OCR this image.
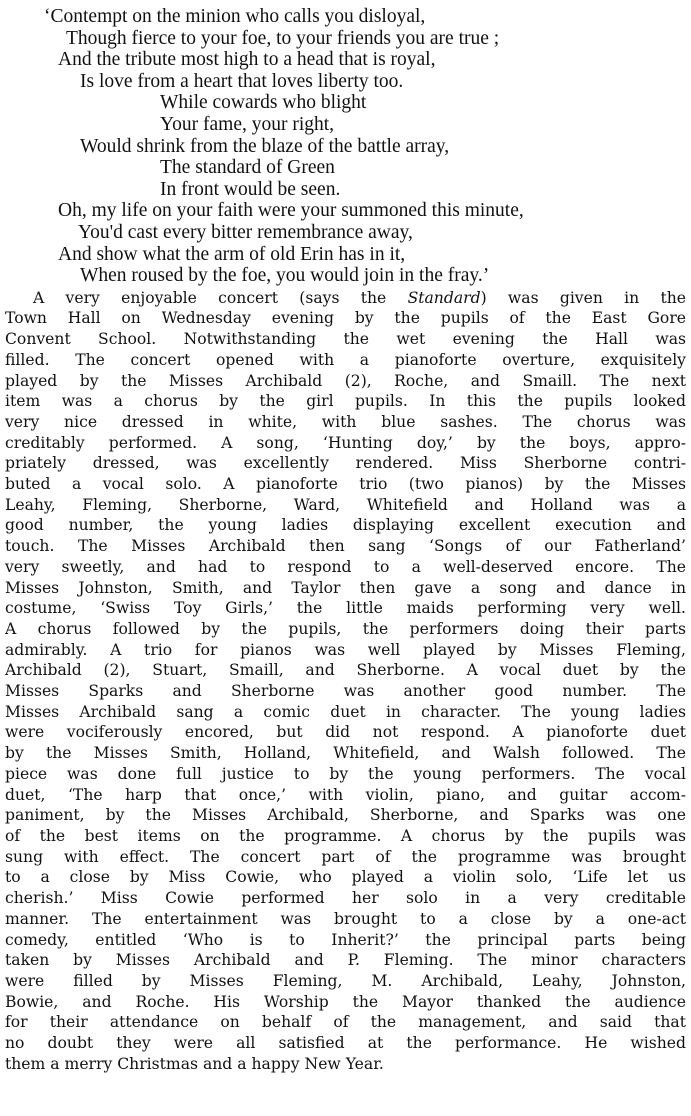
‘Contempt on the minion who calls you disloyal,
Though fierce to your foe, to your friends you are true ;
And the tribute most high to a head that is royal,
Is love from a heart that loves liberty too.
While cowards who blight
Your fame, your right,
Would shrink from the blaze of the battle array,
The standard of Green
In front would be seen.
Oh, my life on your faith were your summoned this minute,
You'd cast every bitter remembrance away,
And show what the arm of old Erin has in it,
When roused by the foe, you would join in the fray.’
A very enjoyable concert (says the Standard) was given in the
Town Hall on Wednesday evening by the pupils of the East Gore
Convent School. Notwithstanding the wet evening the Hall was
filled. The concert opened with a pianoforte overture, exquisitely
played by the Misses Archibald (2), Roche, and Smaill. The next
item was a chorus by the girl pupils. In this the pupils looked
very nice dressed in white, with blue sashes. The chorus was
creditably performed. A song, ‘Hunting doy,’ by the boys, appro-
priately dressed, was excellently rendered. Miss Sherborne contri-
buted a vocal solo. A pianoforte trio (two pianos) by the Misses
Leahy, Fleming, Sherborne, Ward, Whitefield and Holland was a
good number, the young ladies displaying excellent execution and
touch. The Misses Archibald then sang ‘Songs of our Fatherland’
very sweetly, and had to respond to a well-deserved encore. The
Misses Johnston, Smith, and Taylor then gave a song and dance in
costume, ‘Swiss Toy Girls,’ the little maids performing very well.
A chorus followed by the pupils, the performers doing their parts
admirably. A trio for pianos was well played by Misses Fleming,
Archibald (2), Stuart, Smaill, and Sherborne. A vocal duet by the
Misses Sparks and Sherborne was another good number. The
Misses Archibald sang a comic duet in character. The young ladies
were vociferously encored, but did not respond. A pianoforte duet
by the Misses Smith, Holland, Whitefield, and Walsh followed. The
piece was done full justice to by the young performers. The vocal
duet, ‘The harp that once,’ with violin, piano, and guitar accom-
paniment, by the Misses Archibald, Sherborne, and Sparks was one
of the best items on the programme. A chorus by the pupils was
sung with effect. The concert part of the programme was brought
to a close by Miss Cowie, who played a violin solo, ‘Life let us
cherish.’ Miss Cowie performed her solo in a very creditable
manner. The entertainment was brought to a close by a one-act
comedy, entitled ‘Who is to Inherit?’ the principal parts being
taken by Misses Archibald and P. Fleming. The minor characters
were filled by Misses Fleming, M. Archibald, Leahy, Johnston,
Bowie, and Roche. His Worship the Mayor thanked the audience
for their attendance on behalf of the management, and said that
no doubt they were all satisfied at the performance. He wished
them a merry Christmas and a happy New Year.
